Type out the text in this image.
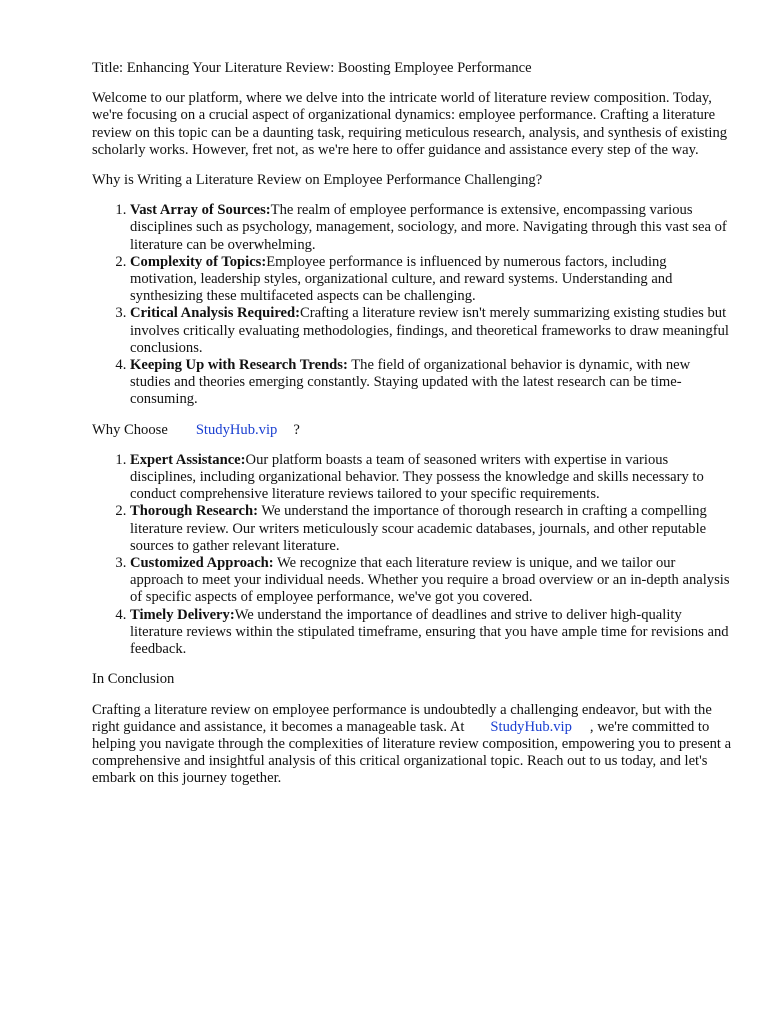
Title: Enhancing Your Literature Review: Boosting Employee Performance

Welcome to our platform, where we delve into the intricate world of literature review composition. Today, we're focusing on a crucial aspect of organizational dynamics: employee performance. Crafting a literature review on this topic can be a daunting task, requiring meticulous research, analysis, and synthesis of existing scholarly works. However, fret not, as we're here to offer guidance and assistance every step of the way.

Why is Writing a Literature Review on Employee Performance Challenging?

1. Vast Array of Sources:The realm of employee performance is extensive, encompassing various disciplines such as psychology, management, sociology, and more. Navigating through this vast sea of literature can be overwhelming.
2. Complexity of Topics:Employee performance is influenced by numerous factors, including motivation, leadership styles, organizational culture, and reward systems. Understanding and synthesizing these multifaceted aspects can be challenging.
3. Critical Analysis Required:Crafting a literature review isn't merely summarizing existing studies but involves critically evaluating methodologies, findings, and theoretical frameworks to draw meaningful conclusions.
4. Keeping Up with Research Trends: The field of organizational behavior is dynamic, with new studies and theories emerging constantly. Staying updated with the latest research can be time-consuming.

Why Choose StudyHub.vip ?

1. Expert Assistance:Our platform boasts a team of seasoned writers with expertise in various disciplines, including organizational behavior. They possess the knowledge and skills necessary to conduct comprehensive literature reviews tailored to your specific requirements.
2. Thorough Research: We understand the importance of thorough research in crafting a compelling literature review. Our writers meticulously scour academic databases, journals, and other reputable sources to gather relevant literature.
3. Customized Approach: We recognize that each literature review is unique, and we tailor our approach to meet your individual needs. Whether you require a broad overview or an in-depth analysis of specific aspects of employee performance, we've got you covered.
4. Timely Delivery:We understand the importance of deadlines and strive to deliver high-quality literature reviews within the stipulated timeframe, ensuring that you have ample time for revisions and feedback.

In Conclusion

Crafting a literature review on employee performance is undoubtedly a challenging endeavor, but with the right guidance and assistance, it becomes a manageable task. At StudyHub.vip , we're committed to helping you navigate through the complexities of literature review composition, empowering you to present a comprehensive and insightful analysis of this critical organizational topic. Reach out to us today, and let's embark on this journey together.
